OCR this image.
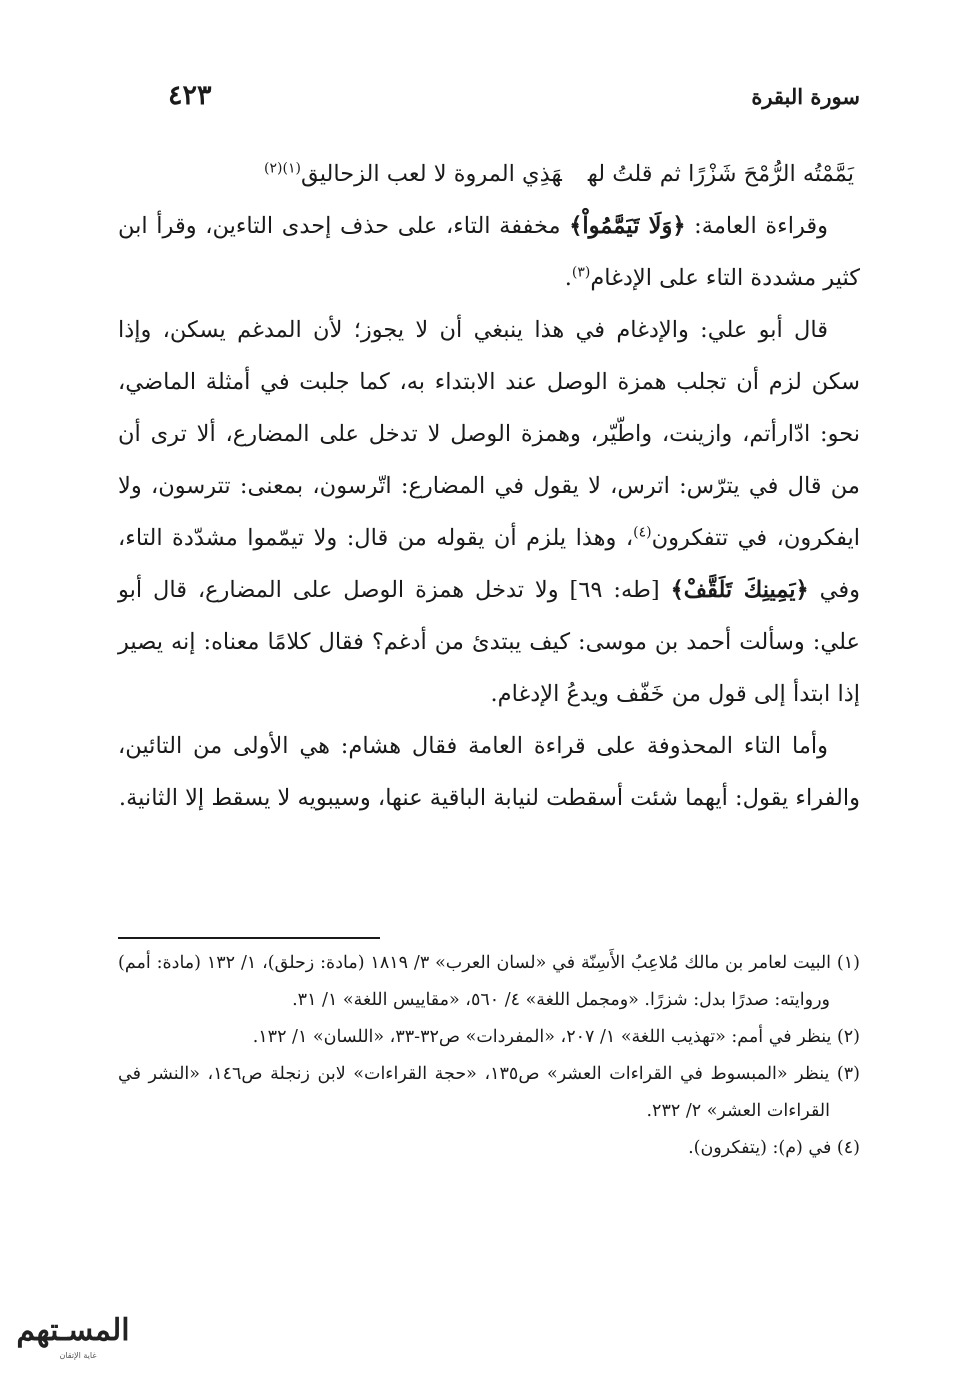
سورة البقرة
٤٢٣

يَمَّمْتُه الرُّمْحَ شَزْرًا ثم قلتُ لههَذِي المروة لا لعب الزحاليق$^{(١)(٢)}$

وقراءة العامة: ﴿وَلَا تَيَمَّمُواْ﴾ مخففة التاء، على حذف إحدى التاءين، وقرأ ابن كثير مشددة التاء على الإدغام$^{(٣)}$.

قال أبو علي: والإدغام في هذا ينبغي أن لا يجوز؛ لأن المدغم يسكن، وإذا سكن لزم أن تجلب همزة الوصل عند الابتداء به، كما جلبت في أمثلة الماضي، نحو: ادّارأتم، وازينت، واطّيّر، وهمزة الوصل لا تدخل على المضارع، ألا ترى أن من قال في يترّس: اترس، لا يقول في المضارع: اتّرسون، بمعنى: تترسون، ولا ايفكرون، في تتفكرون$^{(٤)}$، وهذا يلزم أن يقوله من قال: ولا تيمّموا مشدّدة التاء، وفي ﴿يَمِينِكَ تَلَقَّفْ﴾ [طه: ٦٩] ولا تدخل همزة الوصل على المضارع، قال أبو علي: وسألت أحمد بن موسى: كيف يبتدئ من أدغم؟ فقال كلامًا معناه: إنه يصير إذا ابتدأ إلى قول من خَفّف ويدعُ الإدغام.

وأما التاء المحذوفة على قراءة العامة فقال هشام: هي الأولى من التائين، والفراء يقول: أيهما شئت أسقطت لنيابة الباقية عنها، وسيبويه لا يسقط إلا الثانية.

(١) البيت لعامر بن مالك مُلاعِبُ الأَسِنّة في «لسان العرب» ٣/ ١٨١٩ (مادة: زحلق)، ١/ ١٣٢ (مادة: أمم) وروايته: صدرًا بدل: شزرًا. «ومجمل اللغة» ٤/ ٥٦٠، «مقاييس اللغة» ١/ ٣١.

(٢) ينظر في أمم: «تهذيب اللغة» ١/ ٢٠٧، «المفردات» ص٣٢-٣٣، «اللسان» ١/ ١٣٢.

(٣) ينظر «المبسوط في القراءات العشر» ص١٣٥، «حجة القراءات» لابن زنجلة ص١٤٦، «النشر في القراءات العشر» ٢/ ٢٣٢.

(٤) في (م): (يتفكرون).

المسـتهم
غاية الإتقان
